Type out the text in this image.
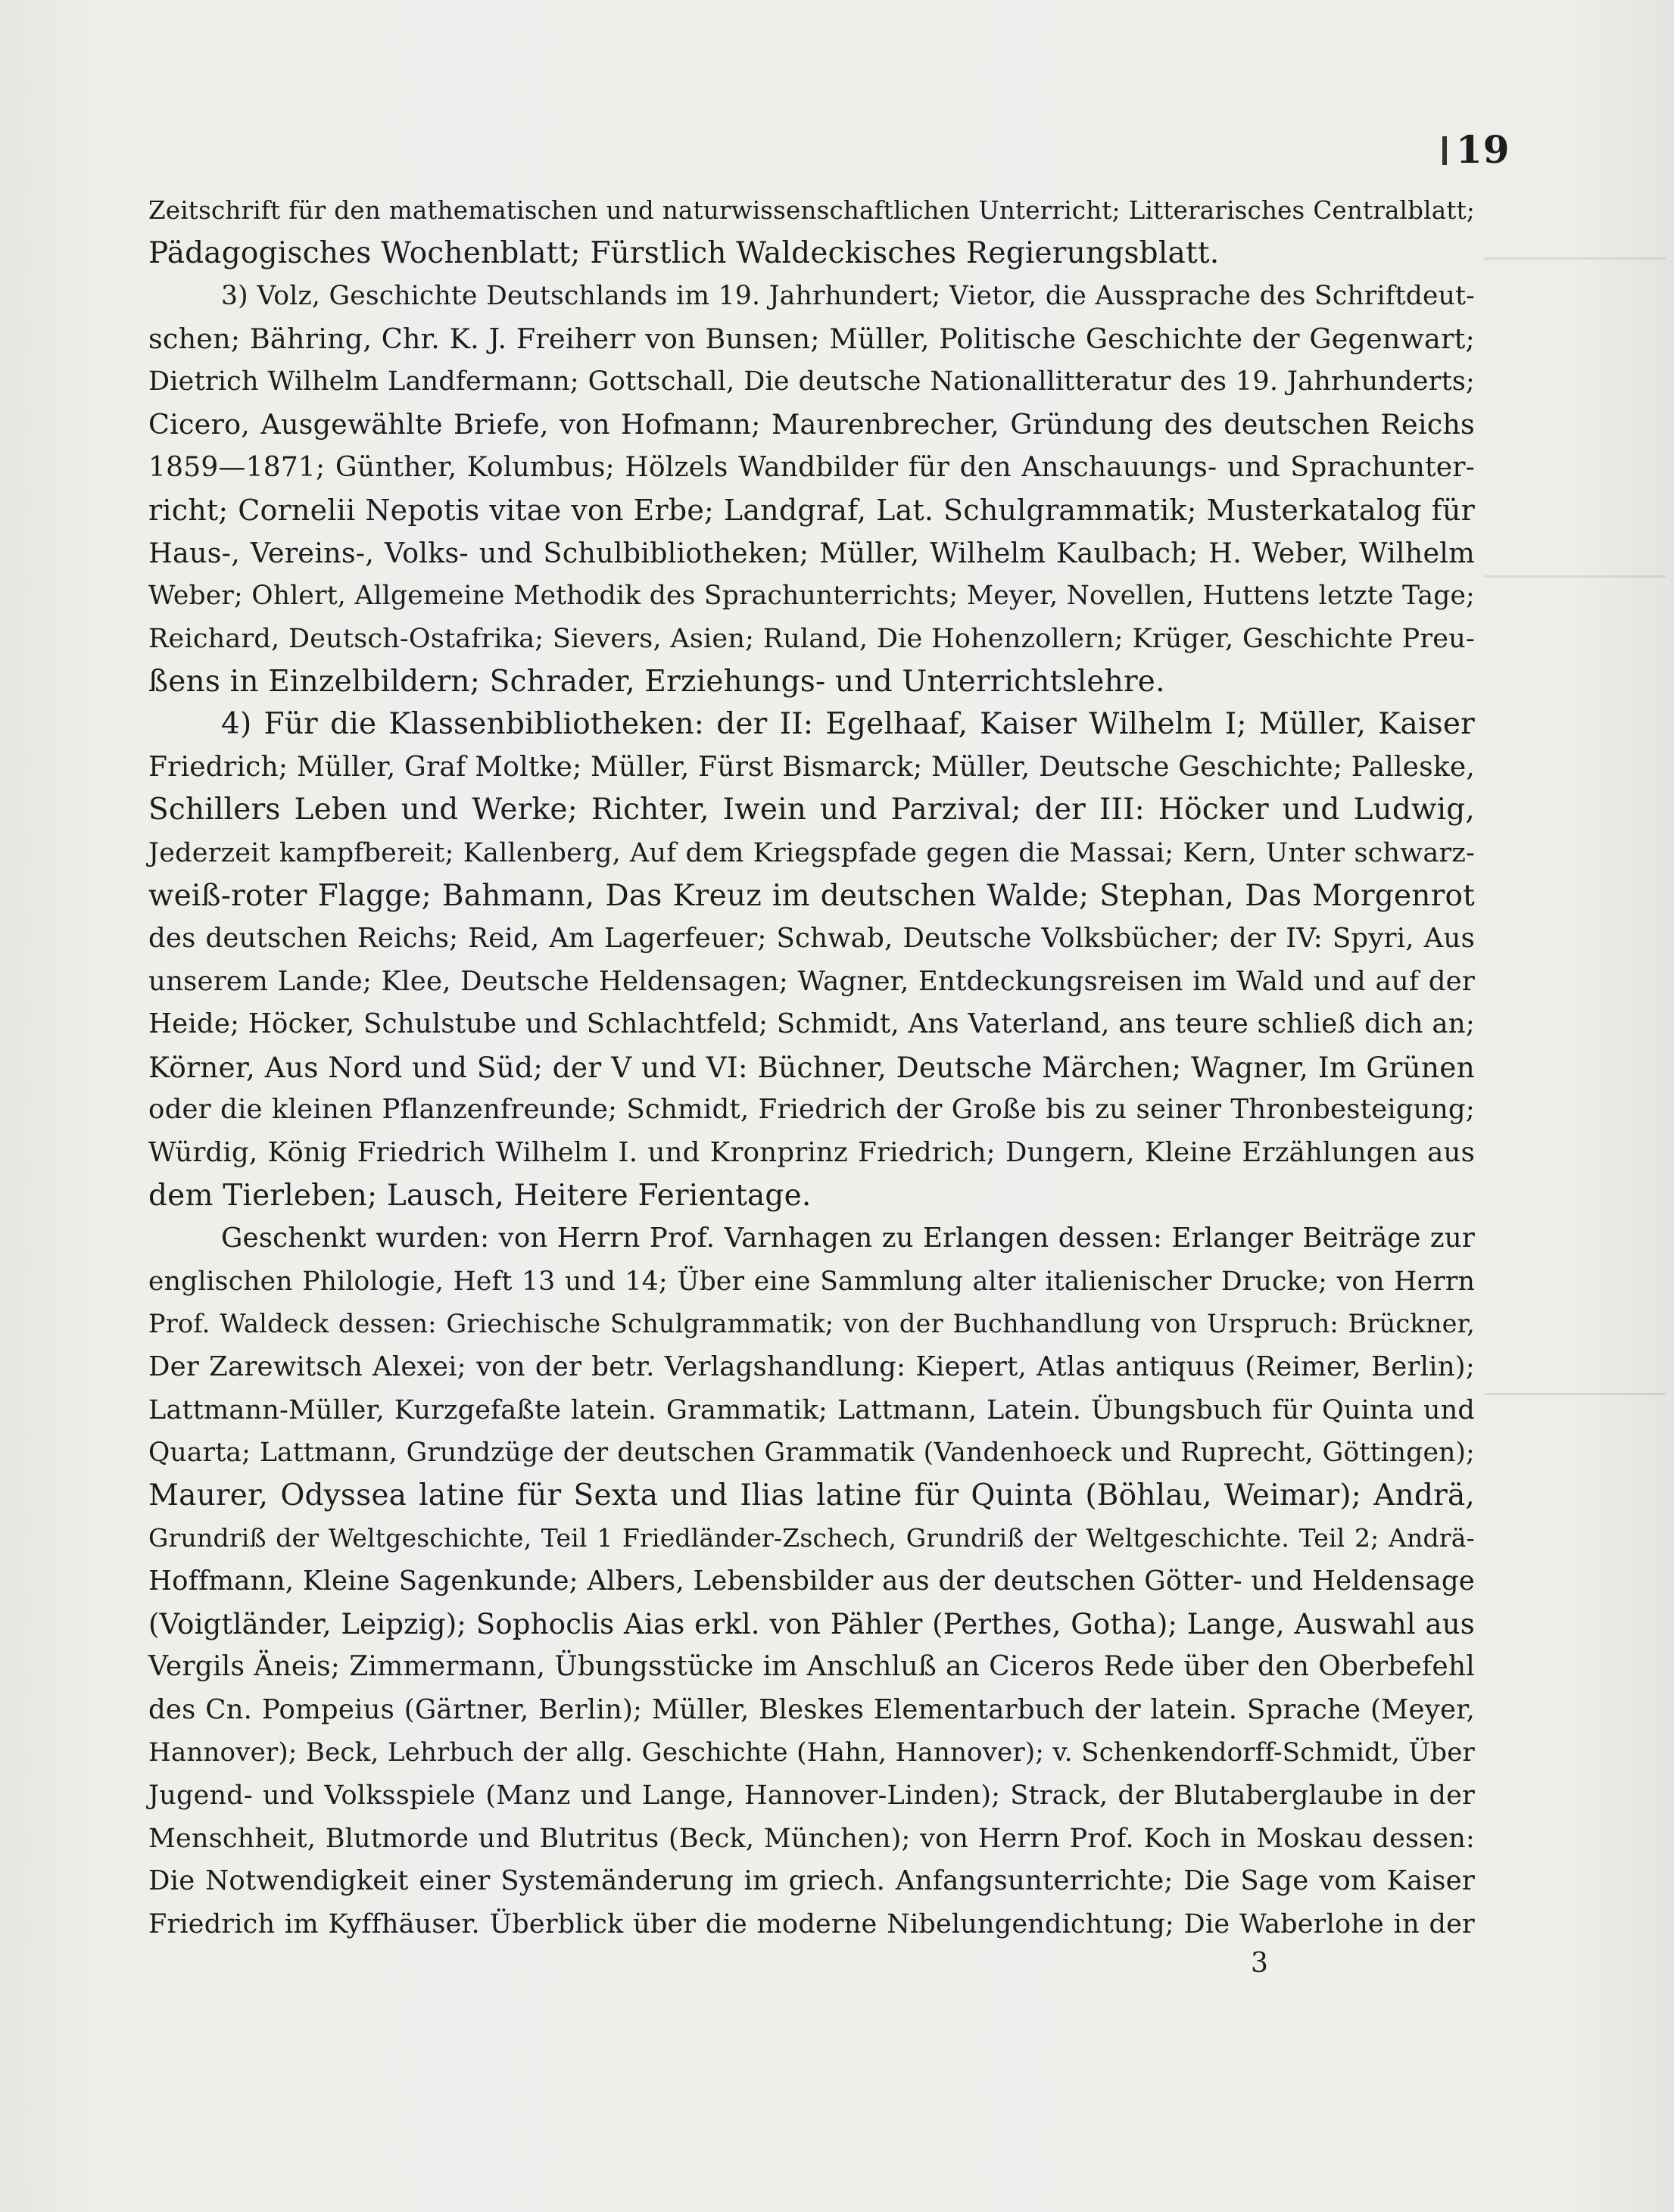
19
Zeitschrift für den mathematischen und naturwissenschaftlichen Unterricht; Litterarisches Centralblatt;
Pädagogisches Wochenblatt; Fürstlich Waldeckisches Regierungsblatt.
3) Volz, Geschichte Deutschlands im 19. Jahrhundert; Vietor, die Aussprache des Schriftdeut-
schen; Bähring, Chr. K. J. Freiherr von Bunsen; Müller, Politische Geschichte der Gegenwart;
Dietrich Wilhelm Landfermann; Gottschall, Die deutsche Nationallitteratur des 19. Jahrhunderts;
Cicero, Ausgewählte Briefe, von Hofmann; Maurenbrecher, Gründung des deutschen Reichs
1859—1871; Günther, Kolumbus; Hölzels Wandbilder für den Anschauungs- und Sprachunter-
richt; Cornelii Nepotis vitae von Erbe; Landgraf, Lat. Schulgrammatik; Musterkatalog für
Haus-, Vereins-, Volks- und Schulbibliotheken; Müller, Wilhelm Kaulbach; H. Weber, Wilhelm
Weber; Ohlert, Allgemeine Methodik des Sprachunterrichts; Meyer, Novellen, Huttens letzte Tage;
Reichard, Deutsch-Ostafrika; Sievers, Asien; Ruland, Die Hohenzollern; Krüger, Geschichte Preu-
ßens in Einzelbildern; Schrader, Erziehungs- und Unterrichtslehre.
4) Für die Klassenbibliotheken: der II: Egelhaaf, Kaiser Wilhelm I; Müller, Kaiser
Friedrich; Müller, Graf Moltke; Müller, Fürst Bismarck; Müller, Deutsche Geschichte; Palleske,
Schillers Leben und Werke; Richter, Iwein und Parzival; der III: Höcker und Ludwig,
Jederzeit kampfbereit; Kallenberg, Auf dem Kriegspfade gegen die Massai; Kern, Unter schwarz-
weiß-roter Flagge; Bahmann, Das Kreuz im deutschen Walde; Stephan, Das Morgenrot
des deutschen Reichs; Reid, Am Lagerfeuer; Schwab, Deutsche Volksbücher; der IV: Spyri, Aus
unserem Lande; Klee, Deutsche Heldensagen; Wagner, Entdeckungsreisen im Wald und auf der
Heide; Höcker, Schulstube und Schlachtfeld; Schmidt, Ans Vaterland, ans teure schließ dich an;
Körner, Aus Nord und Süd; der V und VI: Büchner, Deutsche Märchen; Wagner, Im Grünen
oder die kleinen Pflanzenfreunde; Schmidt, Friedrich der Große bis zu seiner Thronbesteigung;
Würdig, König Friedrich Wilhelm I. und Kronprinz Friedrich; Dungern, Kleine Erzählungen aus
dem Tierleben; Lausch, Heitere Ferientage.
Geschenkt wurden: von Herrn Prof. Varnhagen zu Erlangen dessen: Erlanger Beiträge zur
englischen Philologie, Heft 13 und 14; Über eine Sammlung alter italienischer Drucke; von Herrn
Prof. Waldeck dessen: Griechische Schulgrammatik; von der Buchhandlung von Urspruch: Brückner,
Der Zarewitsch Alexei; von der betr. Verlagshandlung: Kiepert, Atlas antiquus (Reimer, Berlin);
Lattmann-Müller, Kurzgefaßte latein. Grammatik; Lattmann, Latein. Übungsbuch für Quinta und
Quarta; Lattmann, Grundzüge der deutschen Grammatik (Vandenhoeck und Ruprecht, Göttingen);
Maurer, Odyssea latine für Sexta und Ilias latine für Quinta (Böhlau, Weimar); Andrä,
Grundriß der Weltgeschichte, Teil 1 Friedländer-Zschech, Grundriß der Weltgeschichte. Teil 2; Andrä-
Hoffmann, Kleine Sagenkunde; Albers, Lebensbilder aus der deutschen Götter- und Heldensage
(Voigtländer, Leipzig); Sophoclis Aias erkl. von Pähler (Perthes, Gotha); Lange, Auswahl aus
Vergils Äneis; Zimmermann, Übungsstücke im Anschluß an Ciceros Rede über den Oberbefehl
des Cn. Pompeius (Gärtner, Berlin); Müller, Bleskes Elementarbuch der latein. Sprache (Meyer,
Hannover); Beck, Lehrbuch der allg. Geschichte (Hahn, Hannover); v. Schenkendorff-Schmidt, Über
Jugend- und Volksspiele (Manz und Lange, Hannover-Linden); Strack, der Blutaberglaube in der
Menschheit, Blutmorde und Blutritus (Beck, München); von Herrn Prof. Koch in Moskau dessen:
Die Notwendigkeit einer Systemänderung im griech. Anfangsunterrichte; Die Sage vom Kaiser
Friedrich im Kyffhäuser. Überblick über die moderne Nibelungendichtung; Die Waberlohe in der
3
